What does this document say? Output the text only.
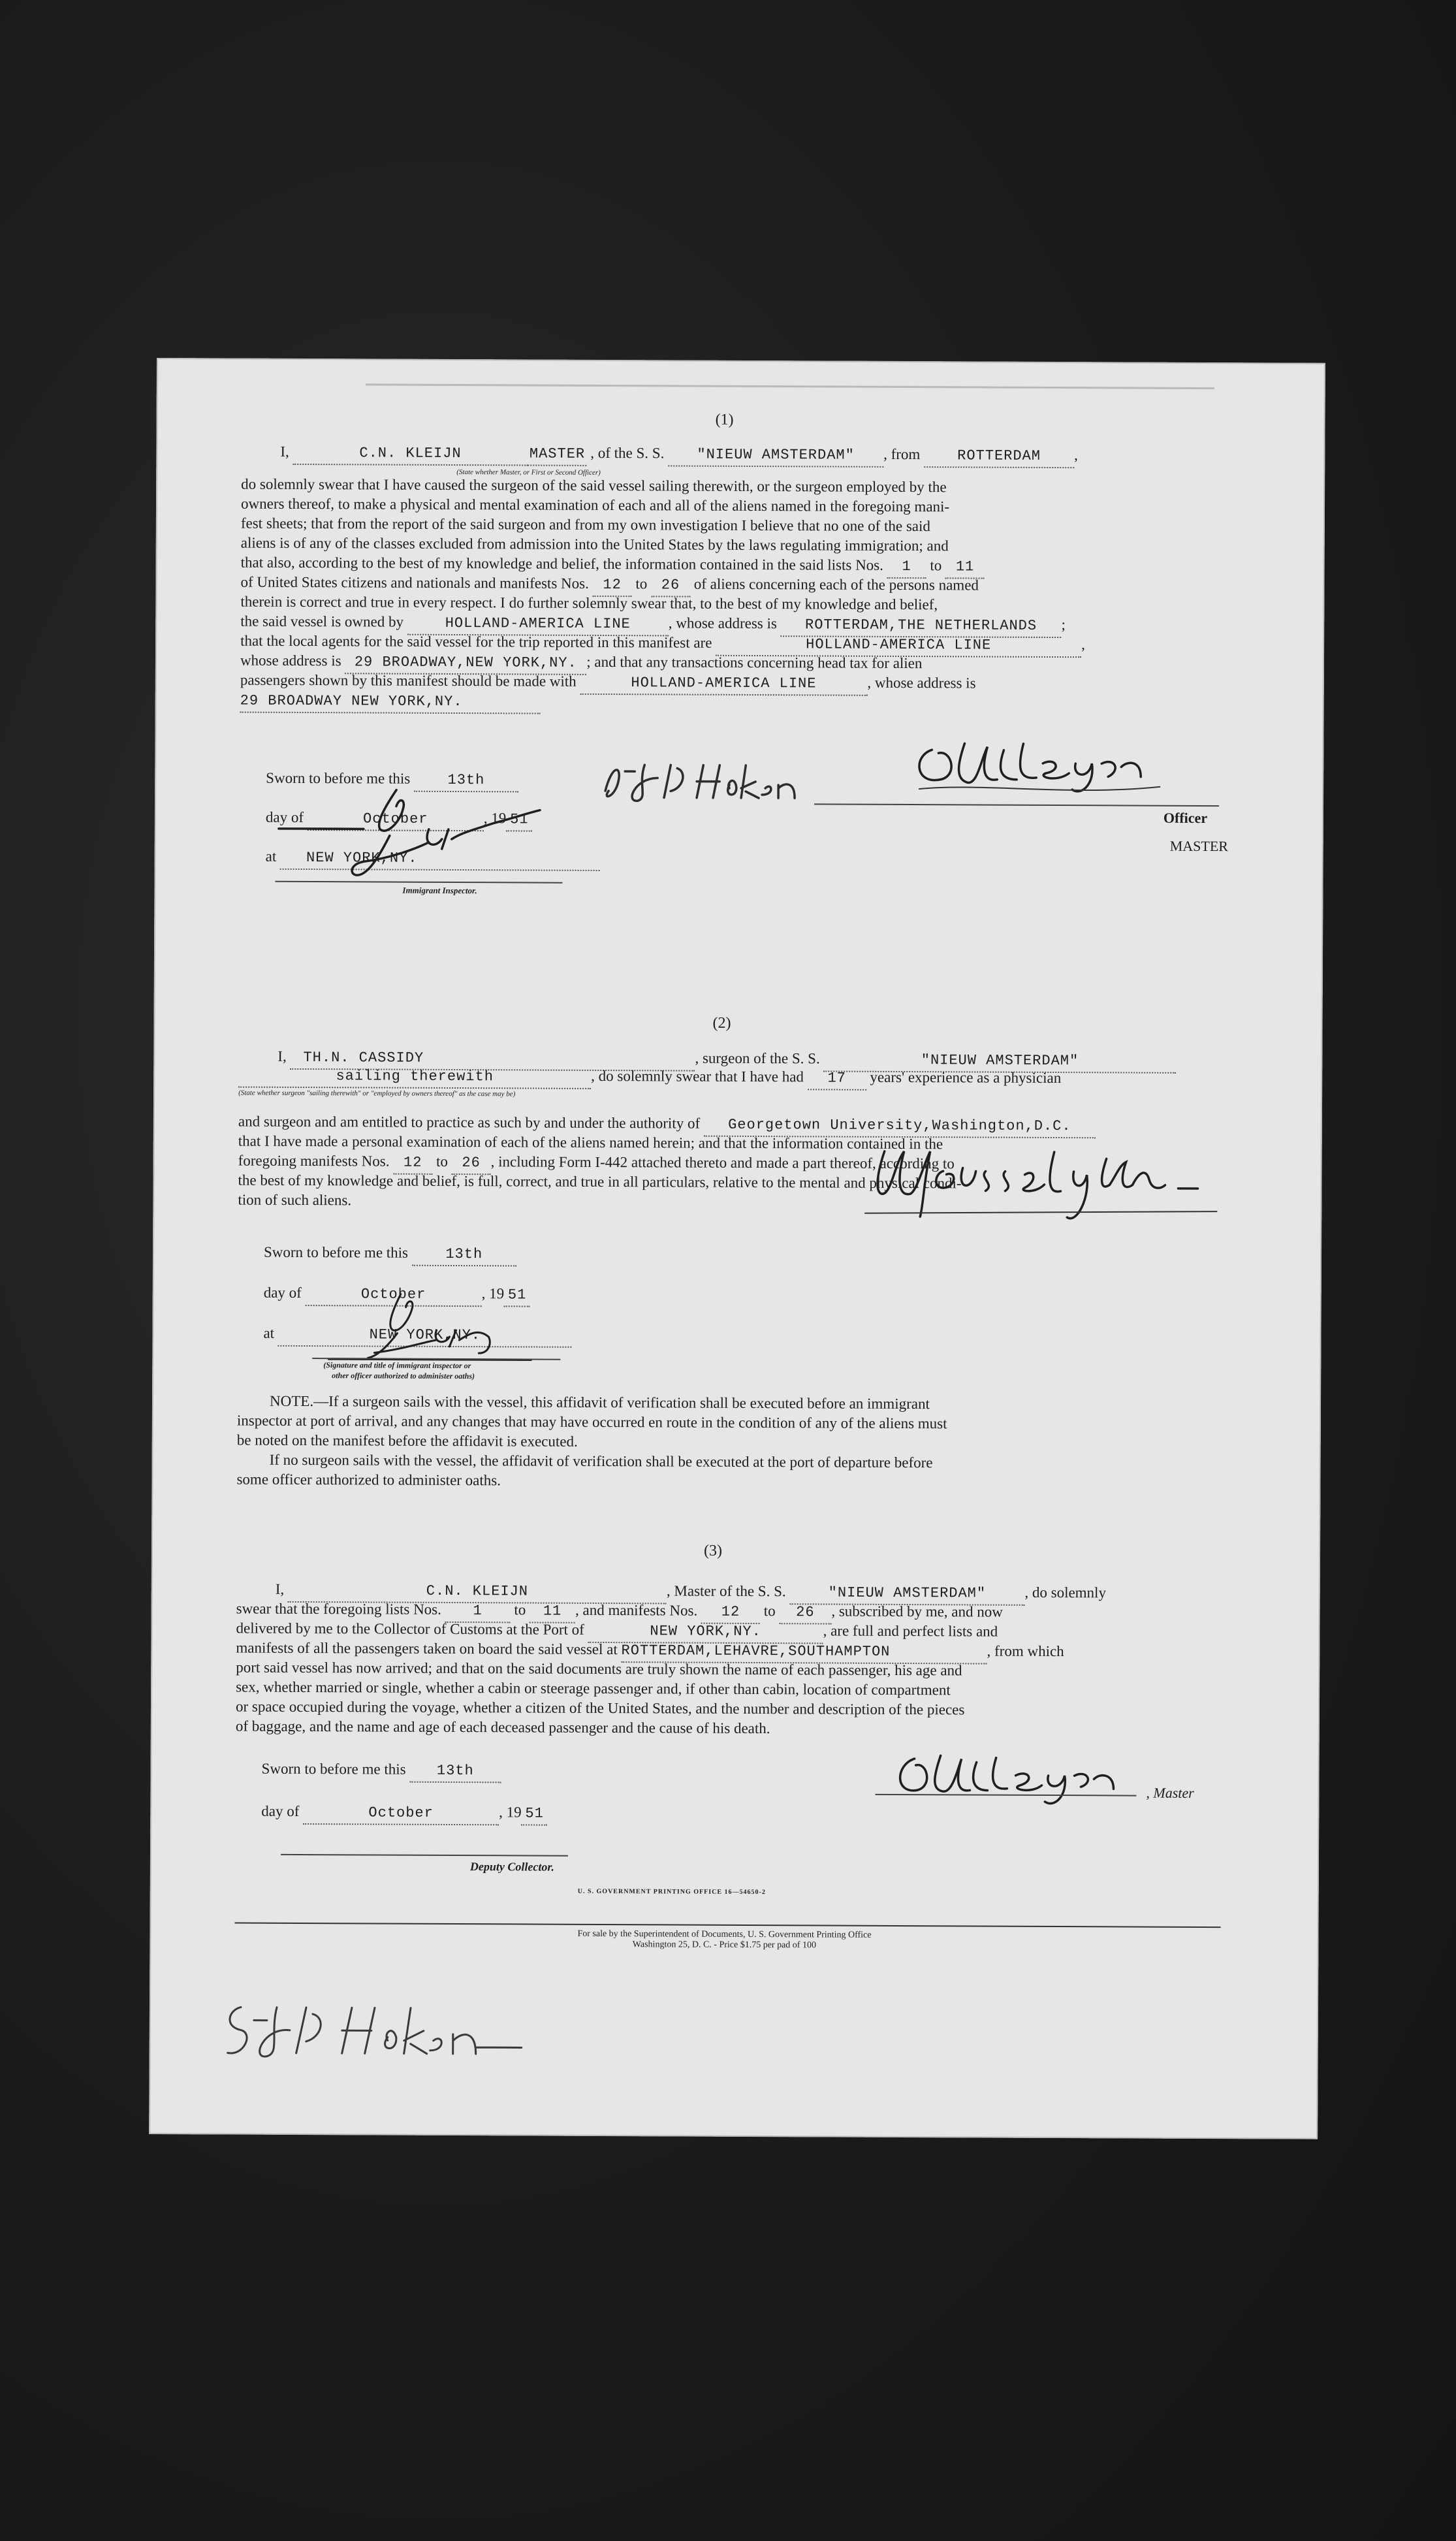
(1)
I,	C.N. KLEIJN	MASTER , of the S. S. "NIEUW AMSTERDAM" , from	ROTTERDAM ,
(State whether Master, or First or Second Officer)
do solemnly swear that I have caused the surgeon of the said vessel sailing therewith, or the surgeon employed by the
owners thereof, to make a physical and mental examination of each and all of the aliens named in the foregoing mani-
fest sheets; that from the report of the said surgeon and from my own investigation I believe that no one of the said
aliens is of any of the classes excluded from admission into the United States by the laws regulating immigration; and
that also, according to the best of my knowledge and belief, the information contained in the said lists Nos. 1 to 11
of United States citizens and nationals and manifests Nos. 12 to 26 of aliens concerning each of the persons named
therein is correct and true in every respect. I do further solemnly swear that, to the best of my knowledge and belief,
the said vessel is owned by	HOLLAND-AMERICA LINE	, whose address is ROTTERDAM,THE NETHERLANDS ;
that the local agents for the said vessel for the trip reported in this manifest are	HOLLAND-AMERICA LINE	,
whose address is 29 BROADWAY,NEW YORK,NY. ; and that any transactions concerning head tax for alien
passengers shown by this manifest should be made with	HOLLAND-AMERICA LINE	, whose address is
29 BROADWAY NEW YORK,NY.
Sworn to before me this	13th
day of	October	, 19 51
at NEW YORK,NY.
Immigrant Inspector.
5th St. Hoboken
C.N. Kleijn
Officer
MASTER
Ryan
(2)
I, TH.N. CASSIDY	, surgeon of the S. S.	"NIEUW AMSTERDAM"
sailing therewith	, do solemnly swear that I have had 17 years' experience as a physician
(State whether surgeon "sailing therewith" or "employed by owners thereof" as the case may be)
and surgeon and am entitled to practice as such by and under the authority of Georgetown University,Washington,D.C.
that I have made a personal examination of each of the aliens named herein; and that the information contained in the
foregoing manifests Nos. 12 to 26 , including Form I-442 attached thereto and made a part thereof, according to
the best of my knowledge and belief, is full, correct, and true in all particulars, relative to the mental and physical condi-
tion of such aliens.
Sworn to before me this	13th
day of	October	, 19 51
at	NEW YORK,NY.
M. Cassidy M.D.
(Signature and title of immigrant inspector or
other officer authorized to administer oaths)
NOTE.—If a surgeon sails with the vessel, this affidavit of verification shall be executed before an immigrant
inspector at port of arrival, and any changes that may have occurred en route in the condition of any of the aliens must
be noted on the manifest before the affidavit is executed.
If no surgeon sails with the vessel, the affidavit of verification shall be executed at the port of departure before
some officer authorized to administer oaths.
(3)
I,	C.N. KLEIJN	, Master of the S. S.	"NIEUW AMSTERDAM"	, do solemnly
swear that the foregoing lists Nos. 1 to 11 , and manifests Nos. 12 to 26 , subscribed by me, and now
delivered by me to the Collector of Customs at the Port of	NEW YORK,NY.	, are full and perfect lists and
manifests of all the passengers taken on board the said vessel at ROTTERDAM,LEHAVRE,SOUTHAMPTON	, from which
port said vessel has now arrived; and that on the said documents are truly shown the name of each passenger, his age and
sex, whether married or single, whether a cabin or steerage passenger and, if other than cabin, location of compartment
or space occupied during the voyage, whether a citizen of the United States, and the number and description of the pieces
of baggage, and the name and age of each deceased passenger and the cause of his death.
Sworn to before me this 13th
day of	October	, 19 51
, Master
Deputy Collector.
U. S. GOVERNMENT PRINTING OFFICE 16—54650-2
For sale by the Superintendent of Documents, U. S. Government Printing Office
Washington 25, D. C. - Price $1.75 per pad of 100
5th St. Hoboken
